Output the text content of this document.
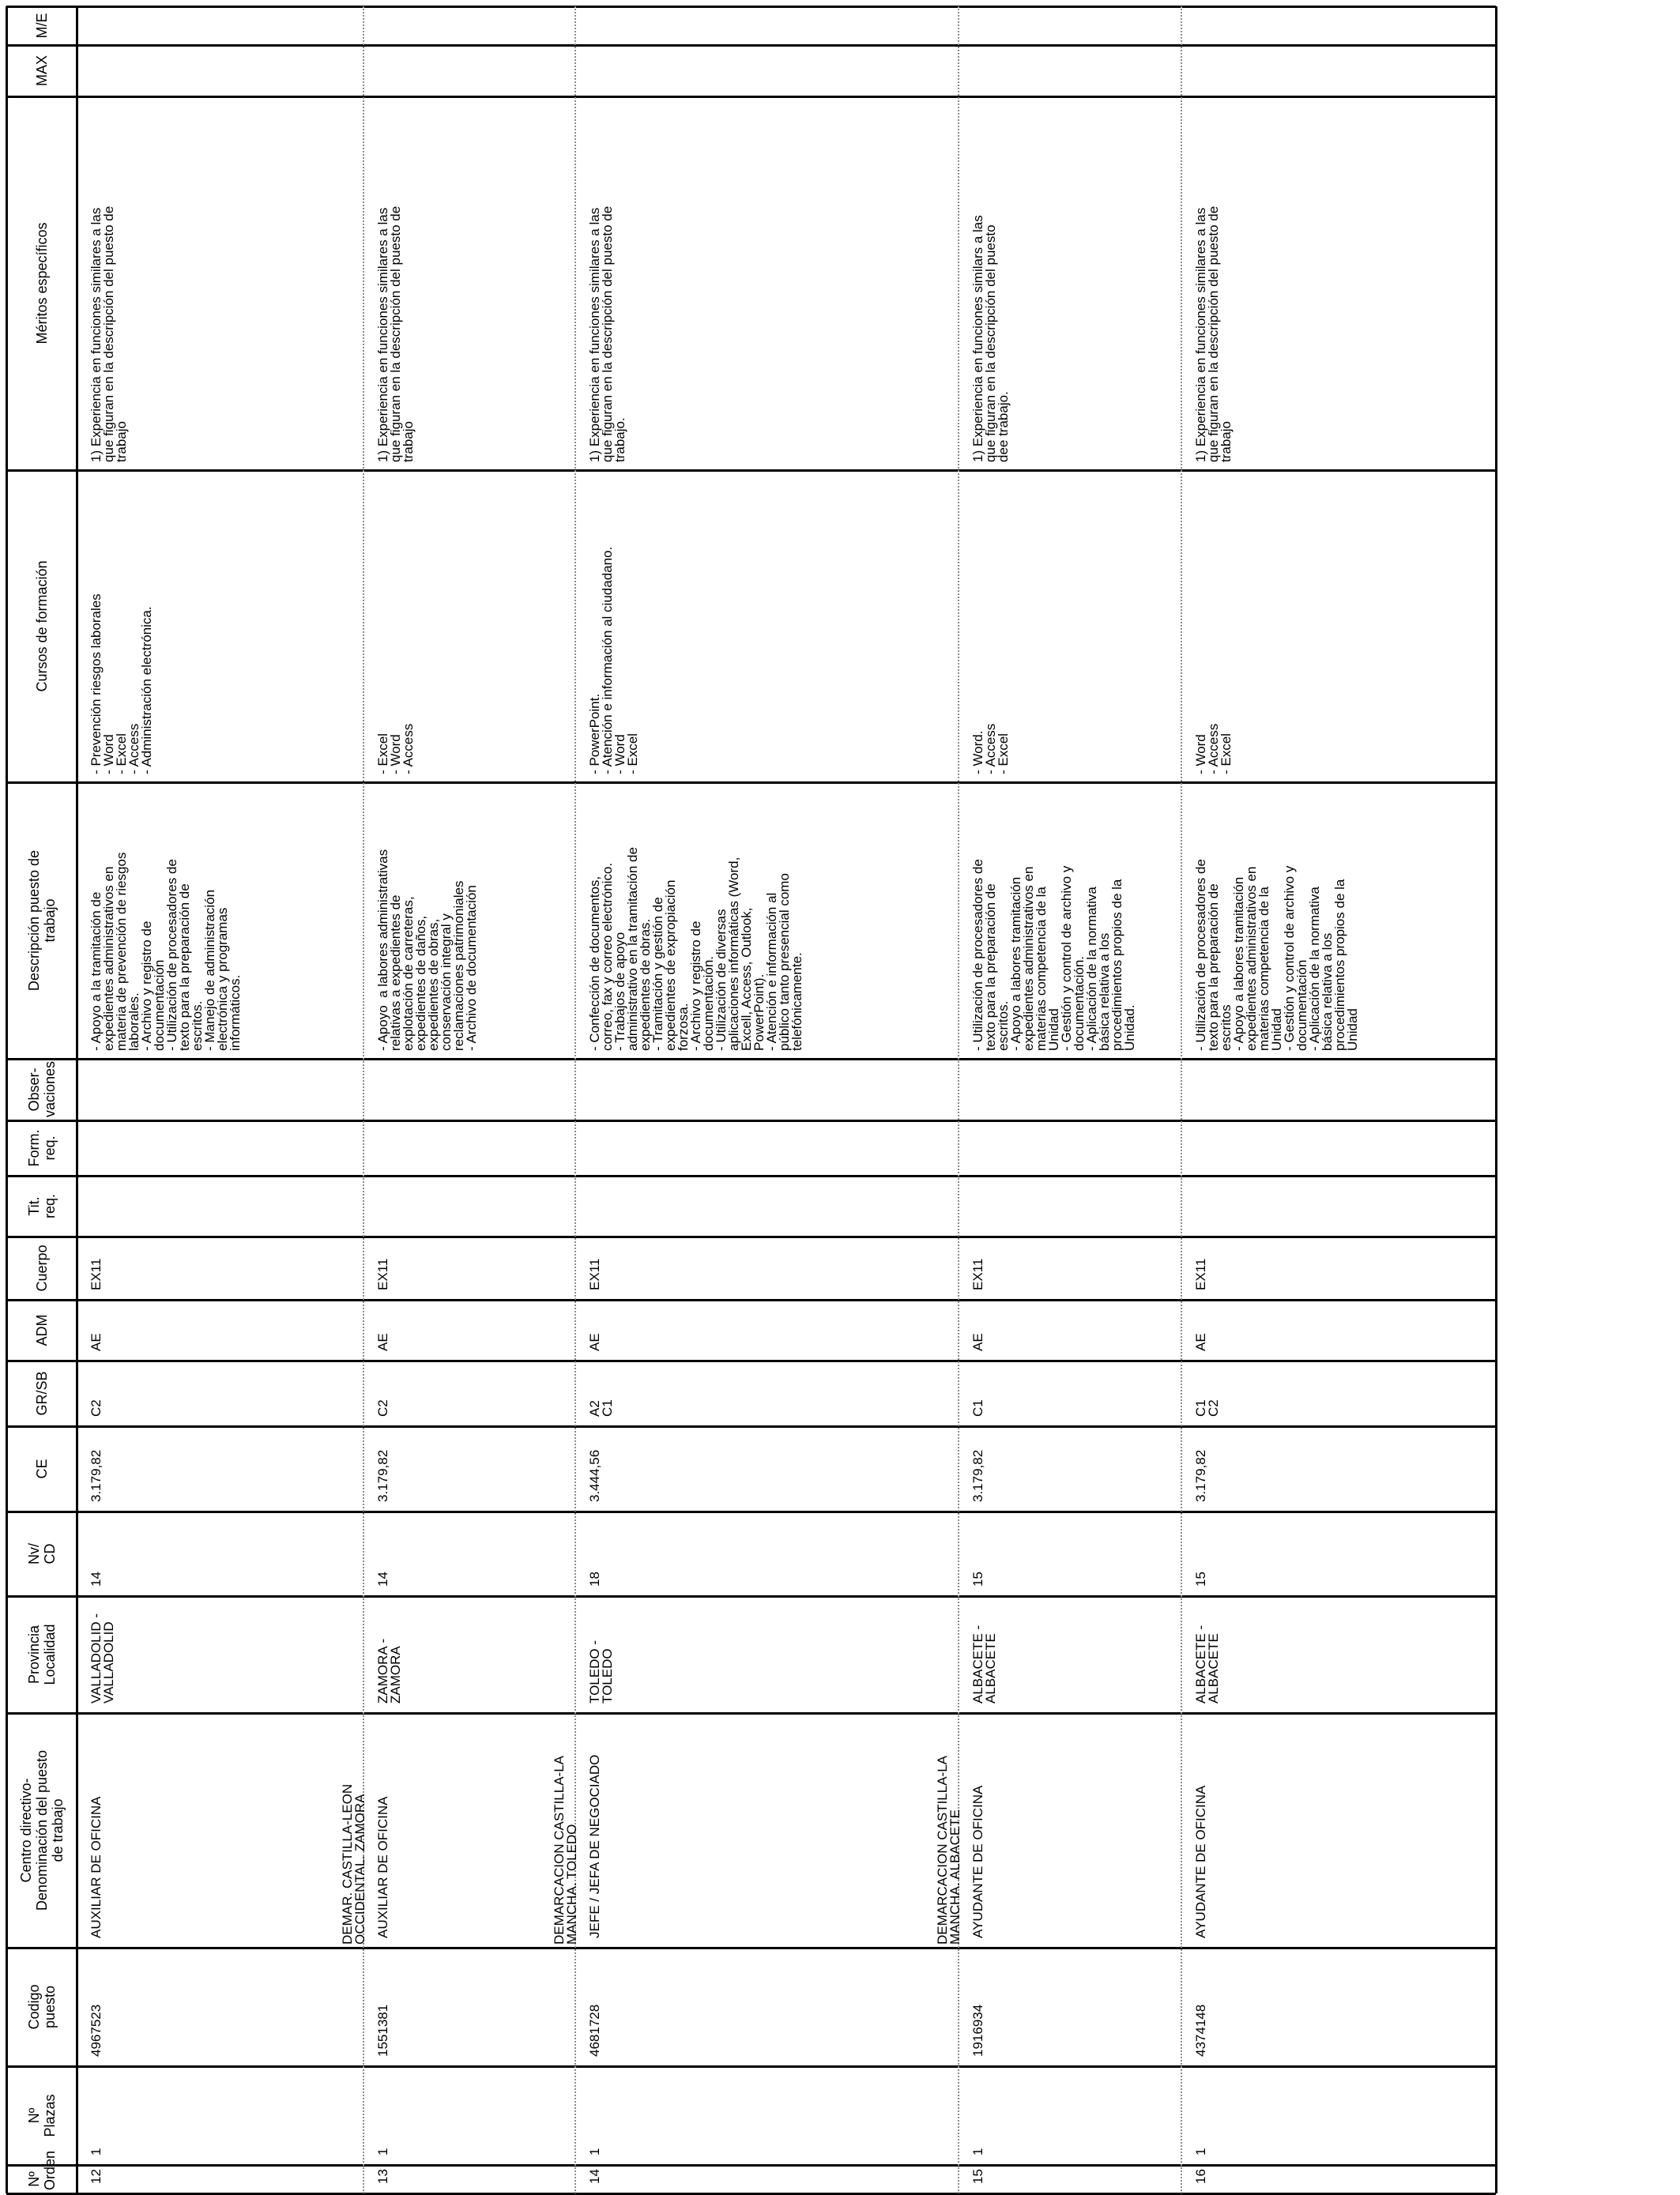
Nº
Orden
Nº
Plazas
Codigo
puesto
Centro directivo-
Denominación del puesto
de trabajo
Provincia
Localidad
Nv/
CD
CE
GR/SB
ADM
Cuerpo
Tit.
req.
Form.
req.
Obser-
vaciones
Descripción puesto de
trabajo
Cursos de formación
Méritos específicos
MAX
M/E
12
1
4967523
AUXILIAR DE OFICINA
VALLADOLID -
VALLADOLID
14
3.179,82
C2
AE
EX11
- Apoyo a la tramitación de
expedientes administrativos en
materia de prevención de riesgos
laborales.
- Archivo y registro de
documentación
- Utilización de procesadores de
texto para la preparación de
escritos.
- Manejo de administración
electrónica y programas
informáticos.
- Prevención riesgos laborales
- Word
- Excel
- Access
- Administración electrónica.
1) Experiencia en funciones similares a las
que figuran en la descripción del puesto de
trabajo
13
1
1551381
AUXILIAR DE OFICINA
ZAMORA -
ZAMORA
14
3.179,82
C2
AE
EX11
- Apoyo  a labores administrativas
relativas a expedientes de
explotación de carreteras,
expedientes de daños,
expedientes de obras,
conservación integral y
reclamaciones patrimoniales
- Archivo de documentación
- Excel
- Word
- Access
1) Experiencia en funciones similares a las
que figuran en la descripción del puesto de
trabajo
DEMAR. CASTILLA-LEON
OCCIDENTAL. ZAMORA
14
1
4681728
JEFE / JEFA DE NEGOCIADO
TOLEDO -
TOLEDO
18
3.444,56
A2
C1
AE
EX11
- Confección de documentos,
correo, fax y correo electrónico.
- Trabajos de apoyo
administrativo en la tramitación de
expedientes de obras.
- Tramitación y gestión de
expedientes de expropiación
forzosa.
- Archivo y registro de
documentación.
- Utilización de diversas
aplicaciones informáticas (Word,
Excell, Access, Outlook,
PowerPoint).
- Atención e información al
público tanto presencial como
telefónicamente.
- PowerPoint.
- Atención e información al ciudadano.
- Word
- Excel
1) Experiencia en funciones similares a las
que figuran en la descripción del puesto de
trabajo.
DEMARCACION CASTILLA-LA
MANCHA. TOLEDO
15
1
1916934
AYUDANTE DE OFICINA
ALBACETE -
ALBACETE
15
3.179,82
C1
AE
EX11
- Utilización de procesadores de
texto para la preparación de
escritos.
- Apoyo a labores tramitación
expedientes administrativos en
materias competencia de la
Unidad
- Gestión y control de archivo y
documentación.
- Aplicación de la normativa
básica relativa a los
procedimientos propios de la
Unidad.
- Word.
- Access
- Excel
1) Experiencia en funciones similars a las
que figuran en la descripción del puesto
dee trabajo.
DEMARCACION CASTILLA-LA
MANCHA. ALBACETE
16
1
4374148
AYUDANTE DE OFICINA
ALBACETE -
ALBACETE
15
3.179,82
C1
C2
AE
EX11
- Utilización de procesadores de
texto para la preparación de
escritos
- Apoyo a labores tramitación
expedientes administrativos en
materias competencia de la
Unidad
- Gestión y control de archivo y
documentación
- Aplicación de la normativa
básica relativa a los
procedimientos propios de la
Unidad
- Word
- Access
- Excel
1) Experiencia en funciones similares a las
que figuran en la descripción del puesto de
trabajo
